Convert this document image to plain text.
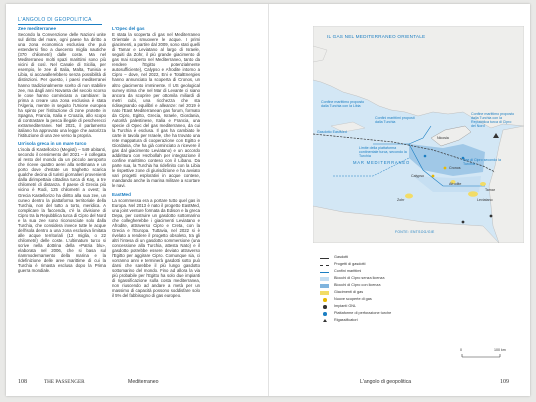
L'ANGOLO DI GEOPOLITICA
Zee mediterranee

Secondo la Convenzione delle Nazioni unite sul diritto del mare, ogni paese ha diritto a una zona economica esclusiva che può estendersi fino a duecento miglia nautiche (370 chilometri) dalle coste. Ma nel Mediterraneo molti spazi marittimi sono più vicini di così. Nel Canale di Sicilia, per esempio, le zee di Italia, Malta, Tunisia e Libia, si accavallerebbero senza possibilità di distinzioni. Per questo, i paesi mediterranei hanno tradizionalmente scelto di non stabilire zee, ma dagli anni Novanta del secolo scorso le cose hanno cominciato a cambiare: la prima a creare una zona esclusiva è stata l'Algeria, mentre in seguito l'Unione europea ha spinto per l'istituzione di zone protette in Spagna, Francia, Italia e Croazia, allo scopo di contrastare la pesca illegale di pescherecci extramediterranei. Nel 2021, il parlamento italiano ha approvato una legge che autorizza l'istituzione di una zee verso la propria.

Un'isola greca in un mare turco

L'isola di Kastellorizo (Megisti) – 549 abitanti, secondo il censimento del 2021 – è collegata al resto del mondo da un piccolo aeroporto che riceve quattro aerei alla settimana e un porto dove d'estate un traghetto scarica qualche decina di turisti giornalieri provenienti dalla dirimpettaia cittadina turca di Kaş, a tre chilometri di distanza. Il paese di Grecia più vicino è Rodi, 125 chilometri a ovest; la Grecia Kastellorizo ha diritto alla sua zee, un cuneo dentro la piattaforma territoriale della Turchia, non del tutto a torto, meridica. A complicare la faccenda, c'è la divisione di Cipro tra la Repubblica turca di Cipro del Nord e la sua zee sono riconosciute solo dalla Turchia, che considera invece tutte le acque dell'isola dentro a una zona esclusiva limitata alle acque territoriali (12 miglia, o 22 chilometri) delle coste. L'ultimatum turco si scrive nella dottrina della «Patria blu», elaborata nel 2006, che si basa sul riammodernamento della marina e la ridefinizione delle aree marittime di cui la Turchia è rimasta esclusa dopo la Prima guerra mondiale.

L'Opec del gas

E stata la scoperta di gas nel Mediterraneo Orientale a smuovere le acque. I primi giacimenti, a partire dal 2009, sono stati quelli di Tamar e Leviatano al largo di Israele, seguiti da Zohr, il più grande giacimento di gas mai scoperto nel Mediterraneo, tanto da rendere l'Egitto potenzialmente autosufficiente), Calypso e Afrodite intorno a Cipro – dove, nel 2022, Eni e TotalEnergies hanno annunciato la scoperta di Cronos, un altro giacimento imminente. Il US geological survey stima che nel Mar di Levante ci siano ancora da scoprire per ottomila miliardi di metri cubi, una ricchezza che sta ridisegnando equilibri e alleanze: nel 2019 è nato l'East Mediterranean gas forum, formato da Cipro, Egitto, Grecia, Israele, Giordania, Autorità palestinese, Italia e Francia, una specie di Opec del gas mediterraneo, da cui la Turchia è esclusa. Il gas ha cambiato le carte in tavola per Israele, che ha trovato una rete mappatura di cooperazione con Egitto e Giordania, che ha già cominciato a ricevere il gas dal giacimento Leviatano) e un accordo addirittura con Hezbollah per integrazione il confine marittimo conteso con il Libano. Da parte sua, la Turchia ha ridefinito con la Libia le rispettive zone di giurisdizione e ha avviato vari progetti esplorativi in acque contese, mandando anche la marina militare a scortare le navi.

EastMed

La scommessa era a portare tutto quel gas in Europa. Nel 2013 è nato il progetto EastMed, una joint venture formata da Edison e la greca Depa, per costruire un gasdotto sottomarino che collegherebbe i giacimenti Leviatano e Afrodite, attraverso Cipro e Creta, con la Grecia e l'Europa. Tuttavia, nel 2022 si è rivelato a rendere il progetto obsoleto, tra gli altri l'intesa di un gasdotto sommersione (una concessione alla Turchia, attesta Nato) e il gasdotto potrebbe essere deviato attraverso l'Egitto per aggirare Cipro. Comunque sia, ci vorranno anni e terminerà gasdotti sotto può darsi che sarebbe il più lungo gasdotto sottomarino del mondo. Fino ad allora la via più probabile per l'Egitto ha solo due impianti di rigassificazione sulla costa mediterranea, non riuscendo ad andare a metà per un massimo di capacità possono soddisfare solo il 5% del fabbisogno di gas europeo.

IL GAS NEL MEDITERRANEO ORIENTALE
MAR MEDITERRANEO
FONTE: ENTSOG/GIE
Gasdotto EastMed
Nicosia
Tamar
Zohr	Leviatano
Calypso
Afrodite
Cronos
Confine marittimo proposto dalla Turchia con la Libia
Confini marittimi proposti dalla Turchia
Confine marittimo proposto dalla Turchia con la Repubblica turca di Cipro del Nord
Limite della piattaforma continentale turca, secondo la Turchia
Zee di Cipro secondo la Turchia
Gasdotti
Progetti di gasdotti
Confini marittimi
Blocchi di Cipro senza licenza
Blocchi di Cipro con licenza
Giacimenti di gas
Nuove scoperte di gas
Impianti GNL
Piattaforme di perforazione turche
Rigassificatori
0	100 km
108	THE PASSENGER	Mediterraneo	L'angolo di geopolitica	109
